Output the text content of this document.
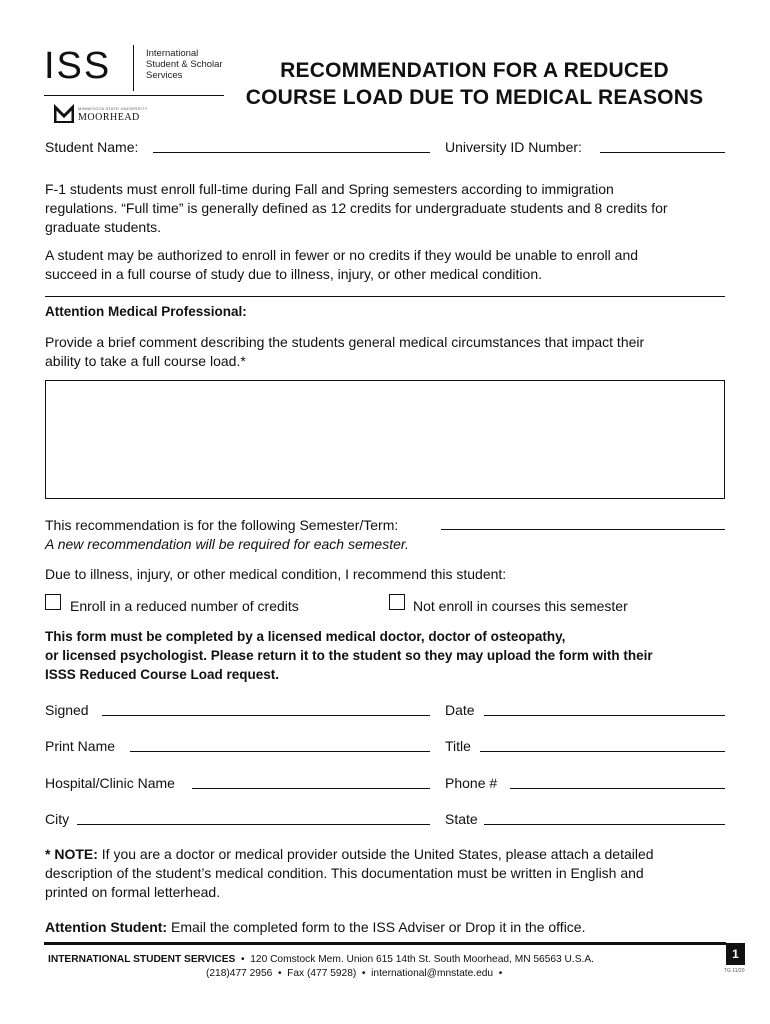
ISS	International
Student & Scholar
Services
MINNESOTA STATE UNIVERSITY
MOORHEAD
RECOMMENDATION FOR A REDUCED
COURSE LOAD DUE TO MEDICAL REASONS
Student Name:	University ID Number:
F-1 students must enroll full-time during Fall and Spring semesters according to immigration
regulations. “Full time” is generally defined as 12 credits for undergraduate students and 8 credits for
graduate students.
A student may be authorized to enroll in fewer or no credits if they would be unable to enroll and
succeed in a full course of study due to illness, injury, or other medical condition.
Attention Medical Professional:
Provide a brief comment describing the students general medical circumstances that impact their
ability to take a full course load.*
This recommendation is for the following Semester/Term:
A new recommendation will be required for each semester.
Due to illness, injury, or other medical condition, I recommend this student:
Enroll in a reduced number of credits	Not enroll in courses this semester
This form must be completed by a licensed medical doctor, doctor of osteopathy,
or licensed psychologist. Please return it to the student so they may upload the form with their
ISSS Reduced Course Load request.
Signed	Date
Print Name	Title
Hospital/Clinic Name	Phone #
City	State
* NOTE: If you are a doctor or medical provider outside the United States, please attach a detailed
description of the student’s medical condition. This documentation must be written in English and
printed on formal letterhead.
Attention Student: Email the completed form to the ISS Adviser or Drop it in the office.
INTERNATIONAL STUDENT SERVICES  •  120 Comstock Mem. Union 615 14th St. South Moorhead, MN 56563 U.S.A.
(218)477 2956  •  Fax (477 5928)  •  international@mnstate.edu  •
1
TG 11/20
